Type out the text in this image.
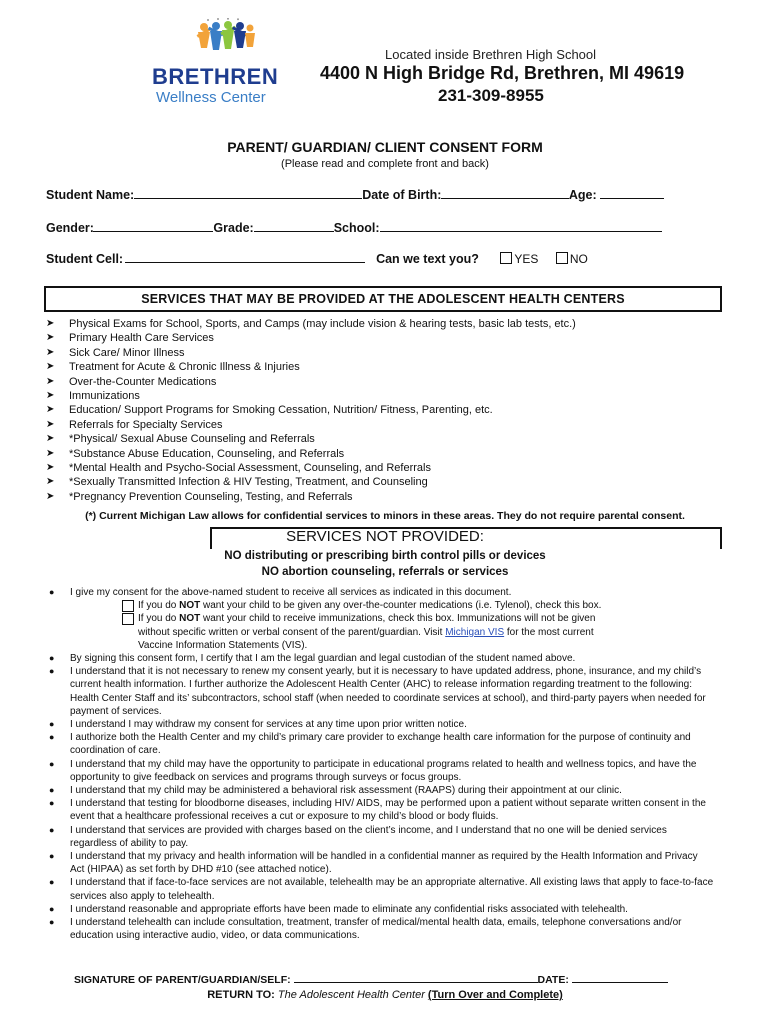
BRETHREN
Wellness Center
Located inside Brethren High School
4400 N High Bridge Rd, Brethren, MI 49619
231-309-8955
PARENT/ GUARDIAN/ CLIENT CONSENT FORM
(Please read and complete front and back)
Student Name:	Date of Birth:	Age:
Gender:	Grade:	School:
Student Cell:	Can we text you?	YES	NO
SERVICES THAT MAY BE PROVIDED AT THE ADOLESCENT HEALTH CENTERS
➤ Physical Exams for School, Sports, and Camps (may include vision & hearing tests, basic lab tests, etc.)
➤ Primary Health Care Services
➤ Sick Care/ Minor Illness
➤ Treatment for Acute & Chronic Illness & Injuries
➤ Over-the-Counter Medications
➤ Immunizations
➤ Education/ Support Programs for Smoking Cessation, Nutrition/ Fitness, Parenting, etc.
➤ Referrals for Specialty Services
➤ *Physical/ Sexual Abuse Counseling and Referrals
➤ *Substance Abuse Education, Counseling, and Referrals
➤ *Mental Health and Psycho-Social Assessment, Counseling, and Referrals
➤ *Sexually Transmitted Infection & HIV Testing, Treatment, and Counseling
➤ *Pregnancy Prevention Counseling, Testing, and Referrals
(*) Current Michigan Law allows for confidential services to minors in these areas. They do not require parental consent.
SERVICES NOT PROVIDED:
NO distributing or prescribing birth control pills or devices
NO abortion counseling, referrals or services
● I give my consent for the above-named student to receive all services as indicated in this document.
If you do NOT want your child to be given any over-the-counter medications (i.e. Tylenol), check this box.
If you do NOT want your child to receive immunizations, check this box. Immunizations will not be given
without specific written or verbal consent of the parent/guardian. Visit Michigan VIS for the most current
Vaccine Information Statements (VIS).
● By signing this consent form, I certify that I am the legal guardian and legal custodian of the student named above.
● I understand that it is not necessary to renew my consent yearly, but it is necessary to have updated address, phone, insurance, and my child’s current health information. I further authorize the Adolescent Health Center (AHC) to release information regarding treatment to the following: Health Center Staff and its’ subcontractors, school staff (when needed to coordinate services at school), and third-party payers when needed for payment of services.
● I understand I may withdraw my consent for services at any time upon prior written notice.
● I authorize both the Health Center and my child’s primary care provider to exchange health care information for the purpose of continuity and coordination of care.
● I understand that my child may have the opportunity to participate in educational programs related to health and wellness topics, and have the opportunity to give feedback on services and programs through surveys or focus groups.
● I understand that my child may be administered a behavioral risk assessment (RAAPS) during their appointment at our clinic.
● I understand that testing for bloodborne diseases, including HIV/ AIDS, may be performed upon a patient without separate written consent in the event that a healthcare professional receives a cut or exposure to my child’s blood or body fluids.
● I understand that services are provided with charges based on the client’s income, and I understand that no one will be denied services regardless of ability to pay.
● I understand that my privacy and health information will be handled in a confidential manner as required by the Health Information and Privacy Act (HIPAA) as set forth by DHD #10 (see attached notice).
● I understand that if face-to-face services are not available, telehealth may be an appropriate alternative. All existing laws that apply to face-to-face services also apply to telehealth.
● I understand reasonable and appropriate efforts have been made to eliminate any confidential risks associated with telehealth.
● I understand telehealth can include consultation, treatment, transfer of medical/mental health data, emails, telephone conversations and/or education using interactive audio, video, or data communications.
SIGNATURE OF PARENT/GUARDIAN/SELF:	DATE:
RETURN TO: The Adolescent Health Center (Turn Over and Complete)
